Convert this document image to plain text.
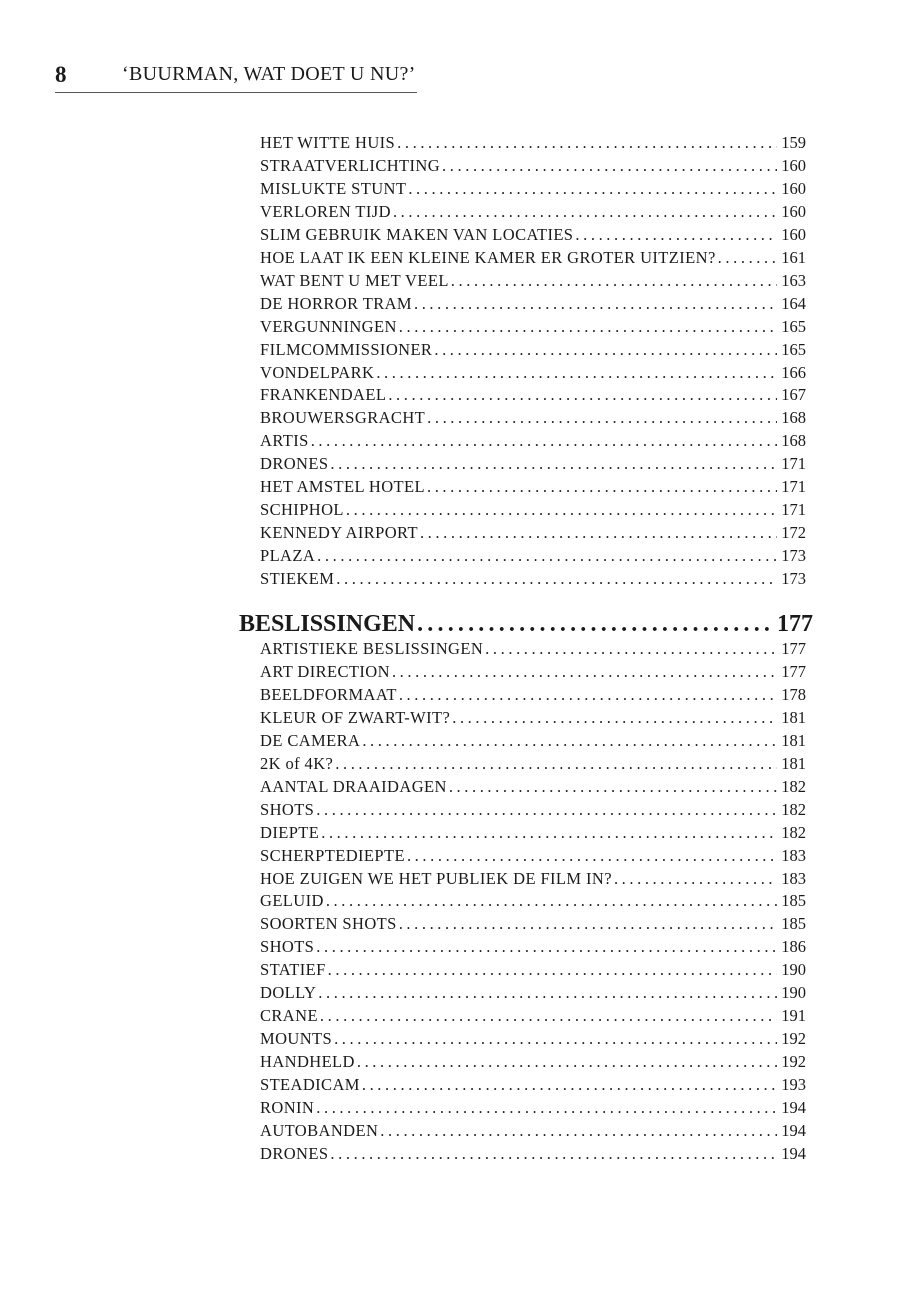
8	‘BUURMAN, WAT DOET U NU?’
HET WITTE HUIS .....	159
STRAATVERLICHTING .....	160
MISLUKTE STUNT .....	160
VERLOREN TIJD .....	160
SLIM GEBRUIK MAKEN VAN LOCATIES .....	160
HOE LAAT IK EEN KLEINE KAMER ER GROTER UITZIEN? .....	161
WAT BENT U MET VEEL .....	163
DE HORROR TRAM .....	164
VERGUNNINGEN .....	165
FILMCOMMISSIONER .....	165
VONDELPARK .....	166
FRANKENDAEL .....	167
BROUWERSGRACHT .....	168
ARTIS .....	168
DRONES .....	171
HET AMSTEL HOTEL .....	171
SCHIPHOL .....	171
KENNEDY AIRPORT .....	172
PLAZA .....	173
STIEKEM .....	173
BESLISSINGEN .....	177
ARTISTIEKE BESLISSINGEN .....	177
ART DIRECTION .....	177
BEELDFORMAAT .....	178
KLEUR OF ZWART-WIT? .....	181
DE CAMERA .....	181
2K of 4K? .....	181
AANTAL DRAAIDAGEN .....	182
SHOTS .....	182
DIEPTE .....	182
SCHERPTEDIEPTE .....	183
HOE ZUIGEN WE HET PUBLIEK DE FILM IN? .....	183
GELUID .....	185
SOORTEN SHOTS .....	185
SHOTS .....	186
STATIEF .....	190
DOLLY .....	190
CRANE .....	191
MOUNTS .....	192
HANDHELD .....	192
STEADICAM .....	193
RONIN .....	194
AUTOBANDEN .....	194
DRONES .....	194
